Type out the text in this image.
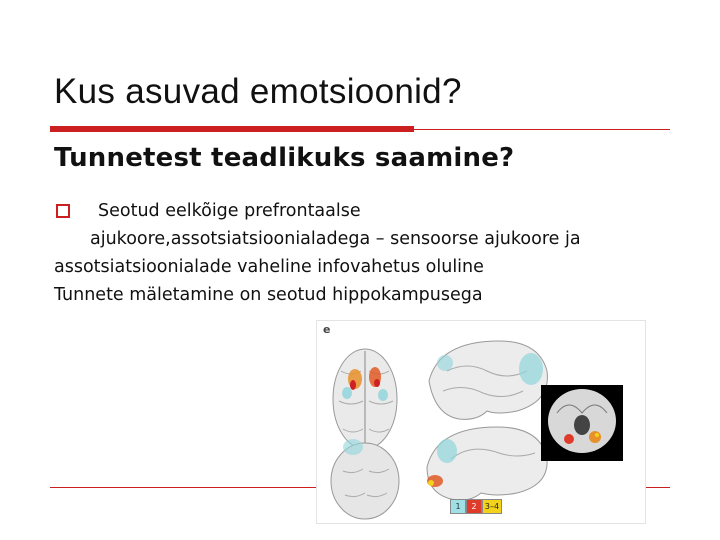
Kus asuvad emotsioonid?
Tunnetest teadlikuks saamine?
Seotud eelkõige prefrontaalse
ajukoore,assotsiatsioonialadega – sensoorse ajukoore ja
assotsiatsioonialade vaheline infovahetus oluline
Tunnete mäletamine on seotud hippokampusega
e
1	2	3–4
